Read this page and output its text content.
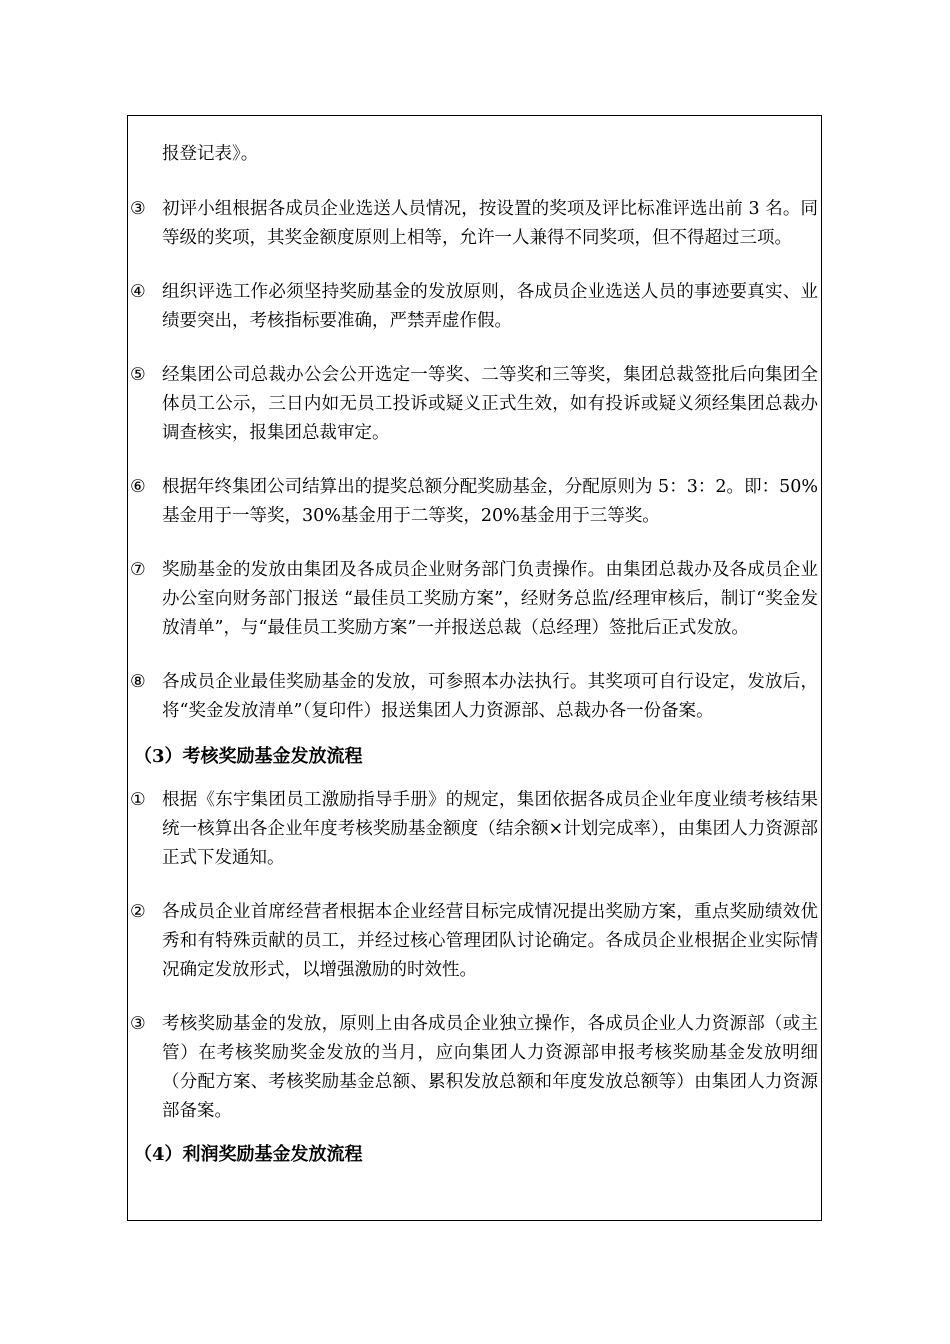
报登记表》。
③ 初评小组根据各成员企业选送人员情况，按设置的奖项及评比标准评选出前 3 名。同等级的奖项，其奖金额度原则上相等，允许一人兼得不同奖项，但不得超过三项。
④ 组织评选工作必须坚持奖励基金的发放原则，各成员企业选送人员的事迹要真实、业绩要突出，考核指标要准确，严禁弄虚作假。
⑤ 经集团公司总裁办公会公开选定一等奖、二等奖和三等奖，集团总裁签批后向集团全体员工公示，三日内如无员工投诉或疑义正式生效，如有投诉或疑义须经集团总裁办调查核实，报集团总裁审定。
⑥ 根据年终集团公司结算出的提奖总额分配奖励基金，分配原则为 5：3：2。即：50%基金用于一等奖，30%基金用于二等奖，20%基金用于三等奖。
⑦ 奖励基金的发放由集团及各成员企业财务部门负责操作。由集团总裁办及各成员企业办公室向财务部门报送 “最佳员工奖励方案”，经财务总监/经理审核后，制订“奖金发放清单”，与“最佳员工奖励方案”一并报送总裁（总经理）签批后正式发放。
⑧ 各成员企业最佳奖励基金的发放，可参照本办法执行。其奖项可自行设定，发放后，将“奖金发放清单”（复印件）报送集团人力资源部、总裁办各一份备案。
（3）考核奖励基金发放流程
① 根据《东宇集团员工激励指导手册》的规定，集团依据各成员企业年度业绩考核结果统一核算出各企业年度考核奖励基金额度（结余额×计划完成率），由集团人力资源部正式下发通知。
② 各成员企业首席经营者根据本企业经营目标完成情况提出奖励方案，重点奖励绩效优秀和有特殊贡献的员工，并经过核心管理团队讨论确定。各成员企业根据企业实际情况确定发放形式，以增强激励的时效性。
③ 考核奖励基金的发放，原则上由各成员企业独立操作，各成员企业人力资源部（或主管）在考核奖励奖金发放的当月，应向集团人力资源部申报考核奖励基金发放明细（分配方案、考核奖励基金总额、累积发放总额和年度发放总额等）由集团人力资源部备案。
（4）利润奖励基金发放流程
